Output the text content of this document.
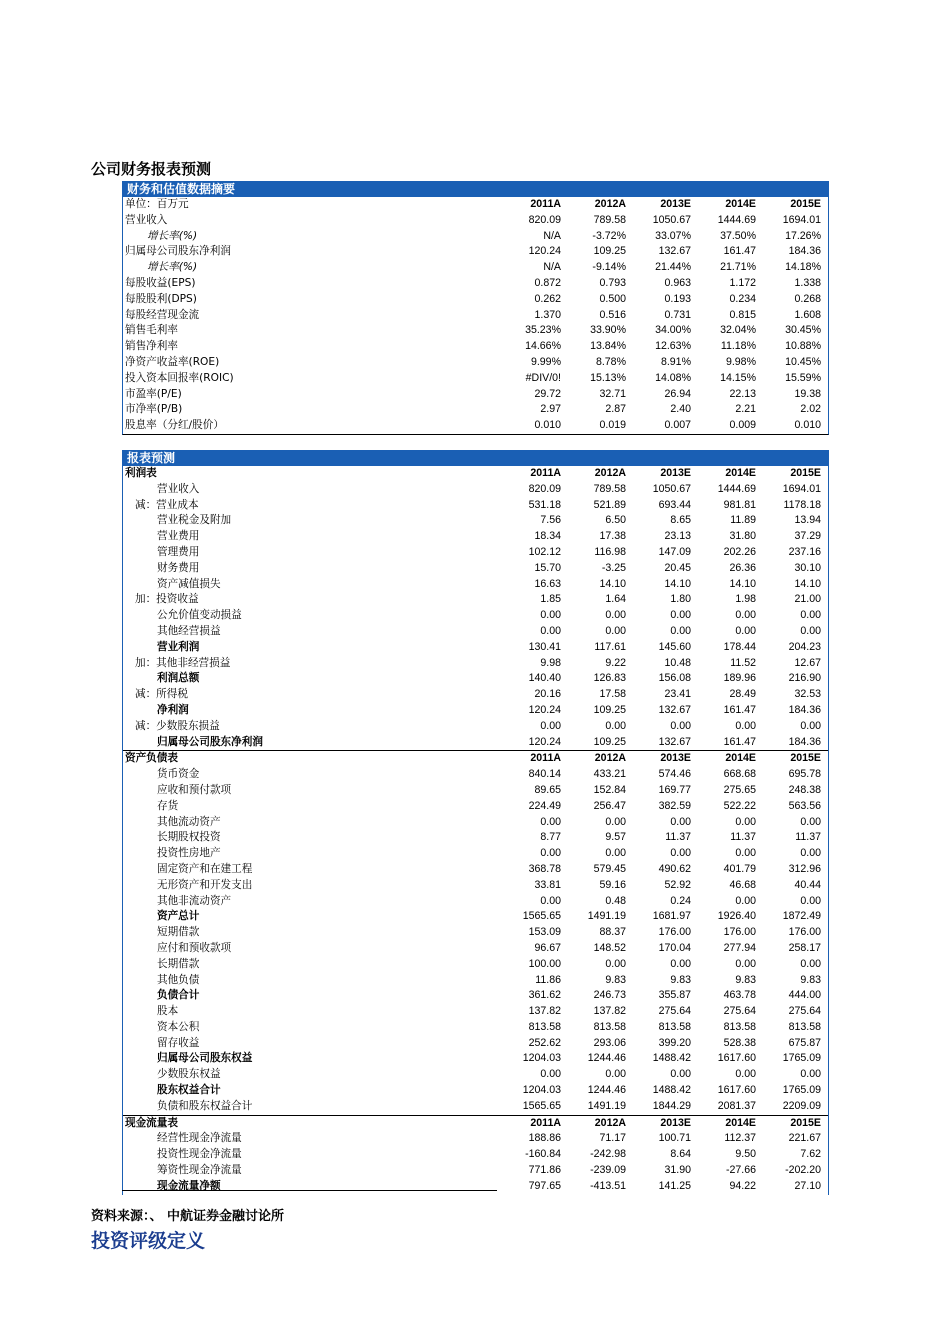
公司财务报表预测
财务和估值数据摘要
单位：百万元	2011A	2012A	2013E	2014E	2015E
营业收入	820.09	789.58	1050.67	1444.69	1694.01
增长率(%)	N/A	-3.72%	33.07%	37.50%	17.26%
归属母公司股东净利润	120.24	109.25	132.67	161.47	184.36
增长率(%)	N/A	-9.14%	21.44%	21.71%	14.18%
每股收益(EPS)	0.872	0.793	0.963	1.172	1.338
每股股利(DPS)	0.262	0.500	0.193	0.234	0.268
每股经营现金流	1.370	0.516	0.731	0.815	1.608
销售毛利率	35.23%	33.90%	34.00%	32.04%	30.45%
销售净利率	14.66%	13.84%	12.63%	11.18%	10.88%
净资产收益率(ROE)	9.99%	8.78%	8.91%	9.98%	10.45%
投入资本回报率(ROIC)	#DIV/0!	15.13%	14.08%	14.15%	15.59%
市盈率(P/E)	29.72	32.71	26.94	22.13	19.38
市净率(P/B)	2.97	2.87	2.40	2.21	2.02
股息率（分红/股价）	0.010	0.019	0.007	0.009	0.010
报表预测
利润表	2011A	2012A	2013E	2014E	2015E
营业收入	820.09	789.58	1050.67	1444.69	1694.01
减：营业成本	531.18	521.89	693.44	981.81	1178.18
营业税金及附加	7.56	6.50	8.65	11.89	13.94
营业费用	18.34	17.38	23.13	31.80	37.29
管理费用	102.12	116.98	147.09	202.26	237.16
财务费用	15.70	-3.25	20.45	26.36	30.10
资产减值损失	16.63	14.10	14.10	14.10	14.10
加：投资收益	1.85	1.64	1.80	1.98	21.00
公允价值变动损益	0.00	0.00	0.00	0.00	0.00
其他经营损益	0.00	0.00	0.00	0.00	0.00
营业利润	130.41	117.61	145.60	178.44	204.23
加：其他非经营损益	9.98	9.22	10.48	11.52	12.67
利润总额	140.40	126.83	156.08	189.96	216.90
减：所得税	20.16	17.58	23.41	28.49	32.53
净利润	120.24	109.25	132.67	161.47	184.36
减：少数股东损益	0.00	0.00	0.00	0.00	0.00
归属母公司股东净利润	120.24	109.25	132.67	161.47	184.36
资产负债表	2011A	2012A	2013E	2014E	2015E
货币资金	840.14	433.21	574.46	668.68	695.78
应收和预付款项	89.65	152.84	169.77	275.65	248.38
存货	224.49	256.47	382.59	522.22	563.56
其他流动资产	0.00	0.00	0.00	0.00	0.00
长期股权投资	8.77	9.57	11.37	11.37	11.37
投资性房地产	0.00	0.00	0.00	0.00	0.00
固定资产和在建工程	368.78	579.45	490.62	401.79	312.96
无形资产和开发支出	33.81	59.16	52.92	46.68	40.44
其他非流动资产	0.00	0.48	0.24	0.00	0.00
资产总计	1565.65	1491.19	1681.97	1926.40	1872.49
短期借款	153.09	88.37	176.00	176.00	176.00
应付和预收款项	96.67	148.52	170.04	277.94	258.17
长期借款	100.00	0.00	0.00	0.00	0.00
其他负债	11.86	9.83	9.83	9.83	9.83
负债合计	361.62	246.73	355.87	463.78	444.00
股本	137.82	137.82	275.64	275.64	275.64
资本公积	813.58	813.58	813.58	813.58	813.58
留存收益	252.62	293.06	399.20	528.38	675.87
归属母公司股东权益	1204.03	1244.46	1488.42	1617.60	1765.09
少数股东权益	0.00	0.00	0.00	0.00	0.00
股东权益合计	1204.03	1244.46	1488.42	1617.60	1765.09
负债和股东权益合计	1565.65	1491.19	1844.29	2081.37	2209.09
现金流量表	2011A	2012A	2013E	2014E	2015E
经营性现金净流量	188.86	71.17	100.71	112.37	221.67
投资性现金净流量	-160.84	-242.98	8.64	9.50	7.62
筹资性现金净流量	771.86	-239.09	31.90	-27.66	-202.20
现金流量净额	797.65	-413.51	141.25	94.22	27.10
资料来源：、 中航证券金融讨论所
投资评级定义
